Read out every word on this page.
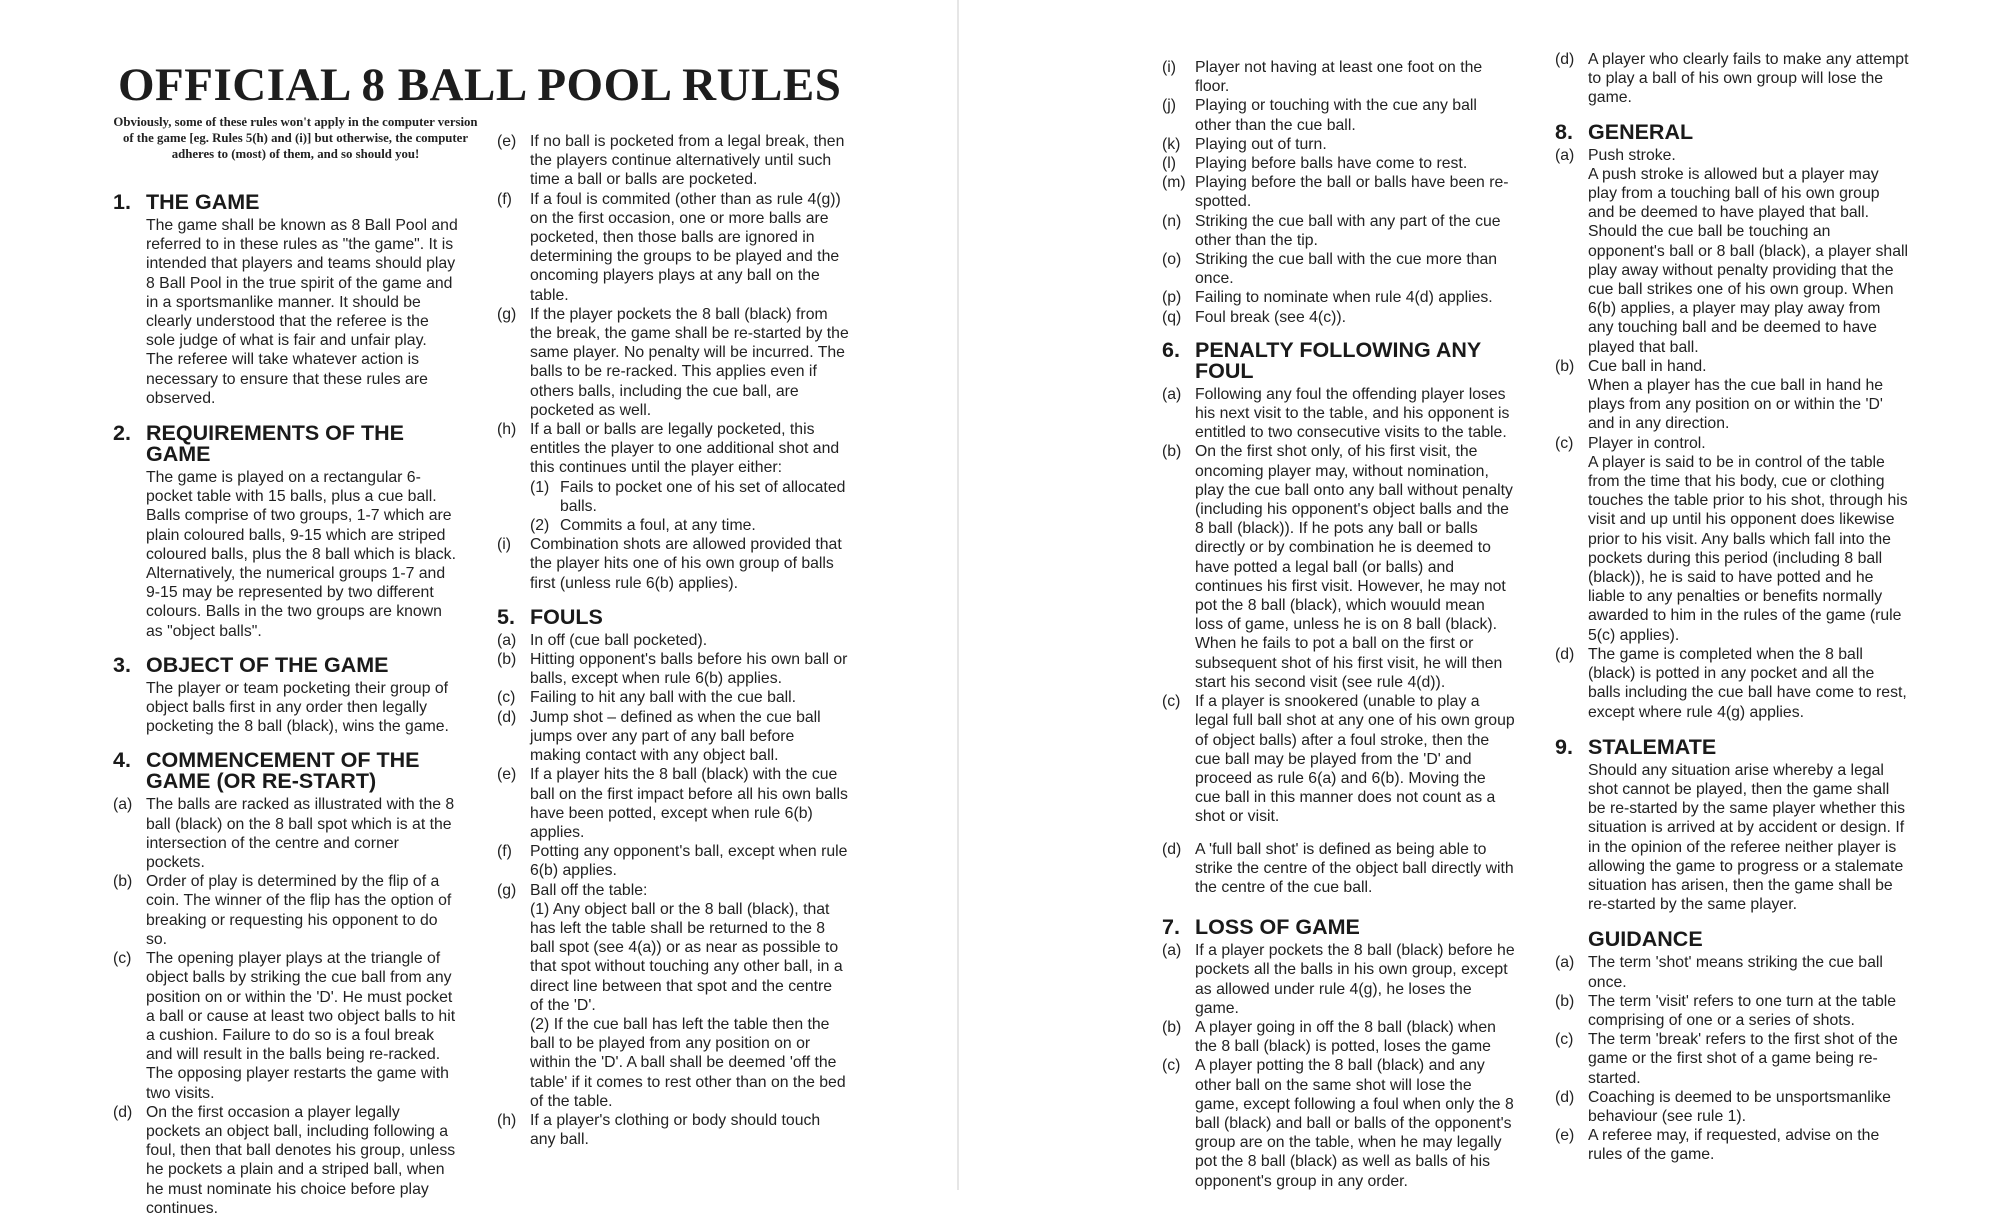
OFFICIAL 8 BALL POOL RULES
Obviously, some of these rules won't apply in the computer version of the game [eg. Rules 5(h) and (i)] but otherwise, the computer adheres to (most) of them, and so should you!
1. THE GAME
The game shall be known as 8 Ball Pool and referred to in these rules as "the game". It is intended that players and teams should play 8 Ball Pool in the true spirit of the game and in a sportsmanlike manner. It should be clearly understood that the referee is the sole judge of what is fair and unfair play. The referee will take whatever action is necessary to ensure that these rules are observed.
2. REQUIREMENTS OF THE GAME
The game is played on a rectangular 6-pocket table with 15 balls, plus a cue ball. Balls comprise of two groups, 1-7 which are plain coloured balls, 9-15 which are striped coloured balls, plus the 8 ball which is black. Alternatively, the numerical groups 1-7 and 9-15 may be represented by two different colours. Balls in the two groups are known as "object balls".
3. OBJECT OF THE GAME
The player or team pocketing their group of object balls first in any order then legally pocketing the 8 ball (black), wins the game.
4. COMMENCEMENT OF THE GAME (OR RE-START)
(a) The balls are racked as illustrated with the 8 ball (black) on the 8 ball spot which is at the intersection of the centre and corner pockets.
(b) Order of play is determined by the flip of a coin. The winner of the flip has the option of breaking or requesting his opponent to do so.
(c) The opening player plays at the triangle of object balls by striking the cue ball from any position on or within the 'D'. He must pocket a ball or cause at least two object balls to hit a cushion. Failure to do so is a foul break and will result in the balls being re-racked. The opposing player restarts the game with two visits.
(d) On the first occasion a player legally pockets an object ball, including following a foul, then that ball denotes his group, unless he pockets a plain and a striped ball, when he must nominate his choice before play continues.
(e) If no ball is pocketed from a legal break, then the players continue alternatively until such time a ball or balls are pocketed.
(f)	If a foul is commited (other than as rule 4(g)) on the first occasion, one or more balls are pocketed, then those balls are ignored in determining the groups to be played and the oncoming players plays at any ball on the table.
(g) If the player pockets the 8 ball (black) from the break, the game shall be re-started by the same player. No penalty will be incurred. The balls to be re-racked. This applies even if others balls, including the cue ball, are pocketed as well.
(h) If a ball or balls are legally pocketed, this entitles the player to one additional shot and this continues until the player either:
(1) Fails to pocket one of his set of allocated balls.
(2) Commits a foul, at any time.
(i)	Combination shots are allowed provided that the player hits one of his own group of balls first (unless rule 6(b) applies).
5. FOULS
(a) In off (cue ball pocketed).
(b) Hitting opponent's balls before his own ball or balls, except when rule 6(b) applies.
(c) Failing to hit any ball with the cue ball.
(d) Jump shot – defined as when the cue ball jumps over any part of any ball before making contact with any object ball.
(e) If a player hits the 8 ball (black) with the cue ball on the first impact before all his own balls have been potted, except when rule 6(b) applies.
(f)	Potting any opponent's ball, except when rule 6(b) applies.
(g) Ball off the table:
(1) Any object ball or the 8 ball (black), that has left the table shall be returned to the 8 ball spot (see 4(a)) or as near as possible to that spot without touching any other ball, in a direct line between that spot and the centre of the 'D'.
(2) If the cue ball has left the table then the ball to be played from any position on or within the 'D'. A ball shall be deemed 'off the table' if it comes to rest other than on the bed of the table.
(h) If a player's clothing or body should touch any ball.
(i)	Player not having at least one foot on the floor.
(j)	Playing or touching with the cue any ball other than the cue ball.
(k) Playing out of turn.
(l)	Playing before balls have come to rest.
(m) Playing before the ball or balls have been re-spotted.
(n) Striking the cue ball with any part of the cue other than the tip.
(o) Striking the cue ball with the cue more than once.
(p) Failing to nominate when rule 4(d) applies.
(q) Foul break (see 4(c)).
6. PENALTY FOLLOWING ANY FOUL
(a) Following any foul the offending player loses his next visit to the table, and his opponent is entitled to two consecutive visits to the table.
(b) On the first shot only, of his first visit, the oncoming player may, without nomination, play the cue ball onto any ball without penalty (including his opponent's object balls and the 8 ball (black)). If he pots any ball or balls directly or by combination he is deemed to have potted a legal ball (or balls) and continues his first visit. However, he may not pot the 8 ball (black), which wouuld mean loss of game, unless he is on 8 ball (black). When he fails to pot a ball on the first or subsequent shot of his first visit, he will then start his second visit (see rule 4(d)).
(c) If a player is snookered (unable to play a legal full ball shot at any one of his own group of object balls) after a foul stroke, then the cue ball may be played from the 'D' and proceed as rule 6(a) and 6(b). Moving the cue ball in this manner does not count as a shot or visit.
(d) A 'full ball shot' is defined as being able to strike the centre of the object ball directly with the centre of the cue ball.
7. LOSS OF GAME
(a) If a player pockets the 8 ball (black) before he pockets all the balls in his own group, except as allowed under rule 4(g), he loses the game.
(b) A player going in off the 8 ball (black) when the 8 ball (black) is potted, loses the game
(c) A player potting the 8 ball (black) and any other ball on the same shot will lose the game, except following a foul when only the 8 ball (black) and ball or balls of the opponent's group are on the table, when he may legally pot the 8 ball (black) as well as balls of his opponent's group in any order.
(d) A player who clearly fails to make any attempt to play a ball of his own group will lose the game.
8. GENERAL
(a) Push stroke.
A push stroke is allowed but a player may play from a touching ball of his own group and be deemed to have played that ball. Should the cue ball be touching an opponent's ball or 8 ball (black), a player shall play away without penalty providing that the cue ball strikes one of his own group. When 6(b) applies, a player may play away from any touching ball and be deemed to have played that ball.
(b) Cue ball in hand.
When a player has the cue ball in hand he plays from any position on or within the 'D' and in any direction.
(c) Player in control.
A player is said to be in control of the table from the time that his body, cue or clothing touches the table prior to his shot, through his visit and up until his opponent does likewise prior to his visit. Any balls which fall into the pockets during this period (including 8 ball (black)), he is said to have potted and he liable to any penalties or benefits normally awarded to him in the rules of the game (rule 5(c) applies).
(d) The game is completed when the 8 ball (black) is potted in any pocket and all the balls including the cue ball have come to rest, except where rule 4(g) applies.
9. STALEMATE
Should any situation arise whereby a legal shot cannot be played, then the game shall be re-started by the same player whether this situation is arrived at by accident or design. If in the opinion of the referee neither player is allowing the game to progress or a stalemate situation has arisen, then the game shall be re-started by the same player.
GUIDANCE
(a) The term 'shot' means striking the cue ball once.
(b) The term 'visit' refers to one turn at the table comprising of one or a series of shots.
(c) The term 'break' refers to the first shot of the game or the first shot of a game being re-started.
(d) Coaching is deemed to be unsportsmanlike behaviour (see rule 1).
(e) A referee may, if requested, advise on the rules of the game.
